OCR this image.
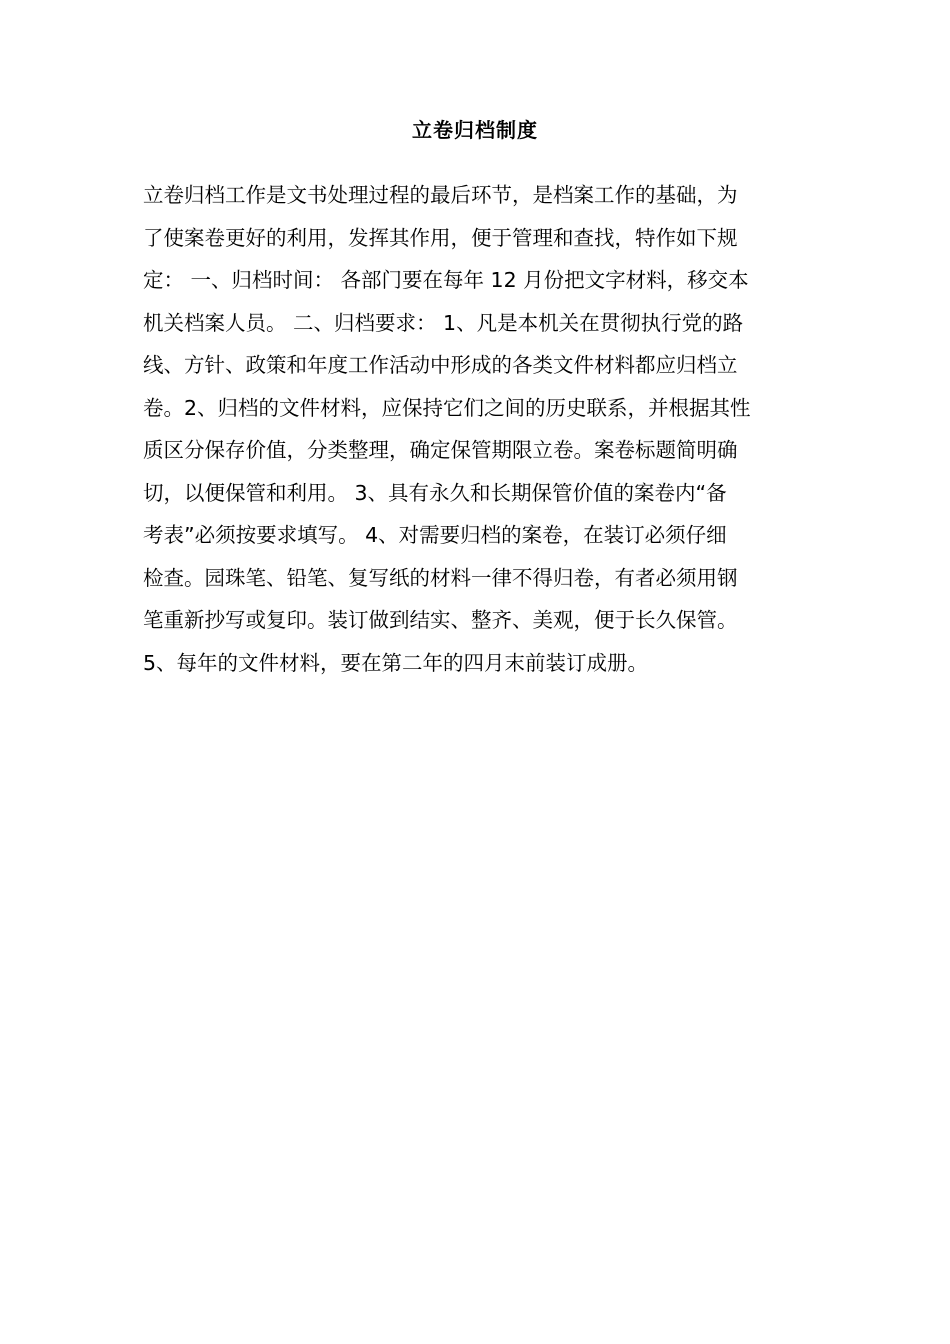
立卷归档制度
立卷归档工作是文书处理过程的最后环节，是档案工作的基础，为
了使案卷更好的利用，发挥其作用，便于管理和查找，特作如下规
定： 一、归档时间： 各部门要在每年 12 月份把文字材料，移交本
机关档案人员。 二、归档要求： 1、凡是本机关在贯彻执行党的路
线、方针、政策和年度工作活动中形成的各类文件材料都应归档立
卷。2、归档的文件材料，应保持它们之间的历史联系，并根据其性
质区分保存价值，分类整理，确定保管期限立卷。案卷标题简明确
切，以便保管和利用。 3、具有永久和长期保管价值的案卷内“备
考表”必须按要求填写。 4、对需要归档的案卷，在装订必须仔细
检查。园珠笔、铅笔、复写纸的材料一律不得归卷，有者必须用钢
笔重新抄写或复印。装订做到结实、整齐、美观，便于长久保管。
5、每年的文件材料，要在第二年的四月末前装订成册。
